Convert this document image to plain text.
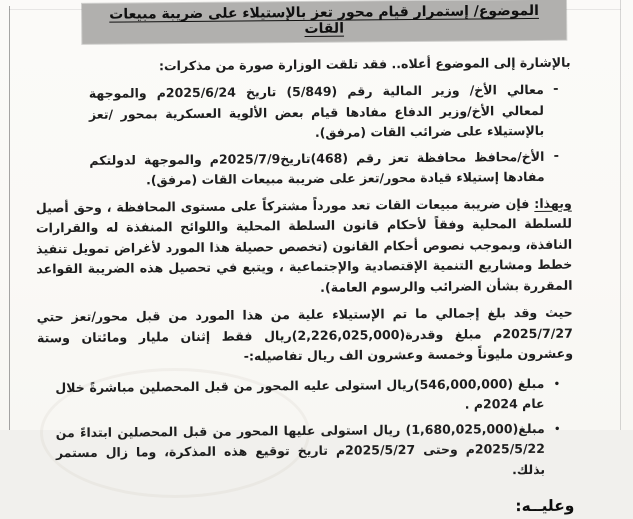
الموضوع/ إستمرار قيام محور تعز بالإستيلاء على ضريبة مبيعات القات
بالإشارة إلى الموضوع أعلاه.. فقد تلقت الوزارة صورة من مذكرات:
-
معالي الأخ/ وزير المالية رقم (5/849) تاريخ 2025/6/24م والموجهة لمعالي الأخ/وزير الدفاع مفادها قيام بعض الألوية العسكرية بمحور /تعز بالإستيلاء على ضرائب القات (مرفق).
-
الأخ/محافظ محافظة تعز رقم (468)تاريخ2025/7/9م والموجهة لدولتكم مفادها إستيلاء قيادة محور/تعز على ضريبة مبيعات القات (مرفق).
وبهذا: فإن ضريبة مبيعات القات تعد مورداً مشتركاً على مستوى المحافظة ، وحق أصيل للسلطة المحلية وفقاً لأحكام قانون السلطة المحلية واللوائح المنفذة له والقرارات النافذة، وبموجب نصوص أحكام القانون (تخصص حصيلة هذا المورد لأغراض تمويل تنفيذ خطط ومشاريع التنمية الإقتصادية والإجتماعية ، ويتبع في تحصيل هذه الضريبة القواعد المقررة بشأن الضرائب والرسوم العامة).
حيث وقد بلغ إجمالي ما تم الإستيلاء علية من هذا المورد من قبل محور/تعز حتي 2025/7/27م مبلغ وقدرة(2,226,025,000)ريال فقط إثنان مليار ومائتان وستة وعشرون مليوناً وخمسة وعشرون الف ريال تفاصيله:-
•
مبلغ (546,000,000)ريال استولى عليه المحور من قبل المحصلين مباشرةً خلال عام 2024م .
•
مبلغ(1,680,025,000) ريال استولى عليها المحور من قبل المحصلين ابتداءً من 2025/5/22م وحتى 2025/5/27م تاريخ توقيع هذه المذكرة، وما زال مستمر بذلك.
وعليــه:
